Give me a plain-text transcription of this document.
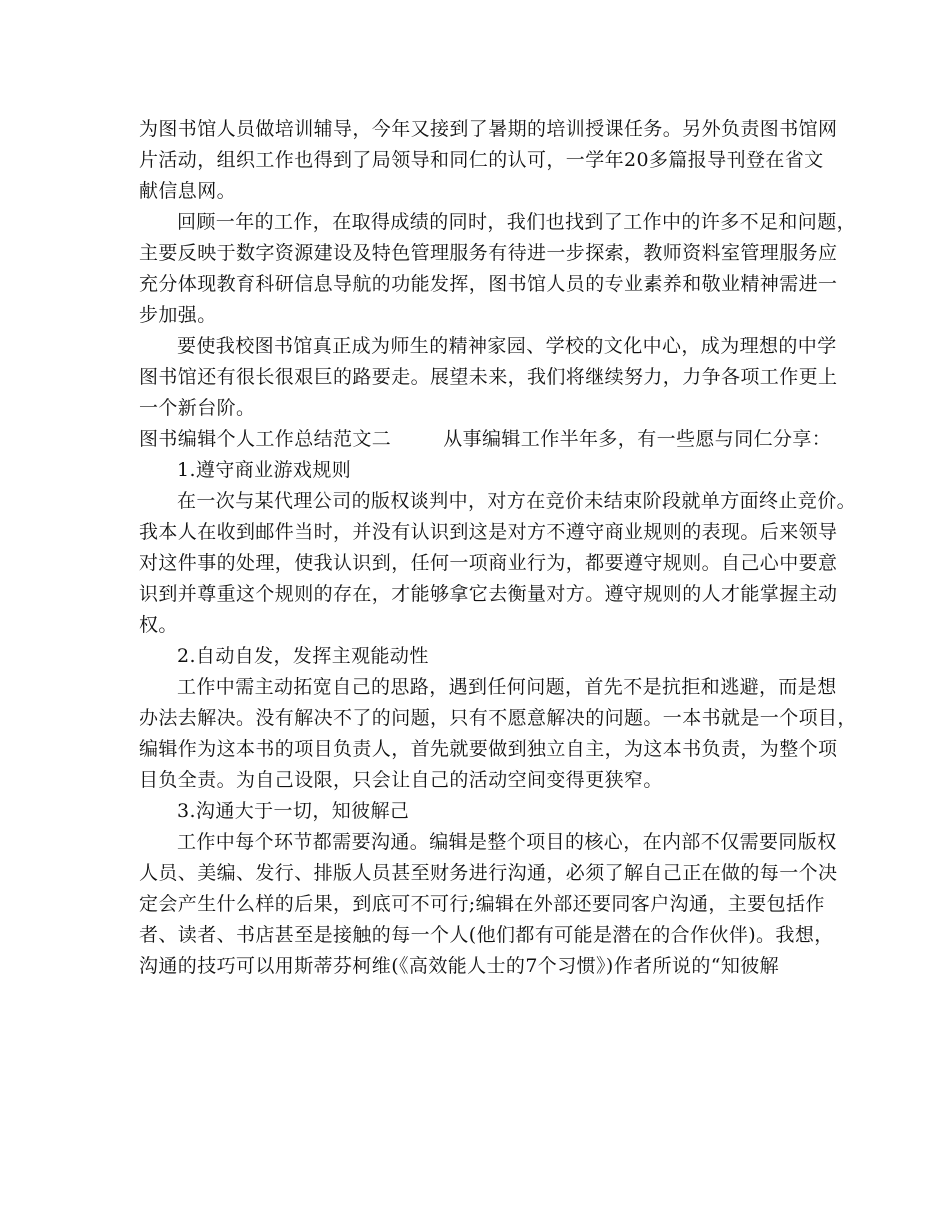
为图书馆人员做培训辅导，今年又接到了暑期的培训授课任务。另外负责图书馆网
片活动，组织工作也得到了局领导和同仁的认可，一学年20多篇报导刊登在省文
献信息网。
回顾一年的工作，在取得成绩的同时，我们也找到了工作中的许多不足和问题，
主要反映于数字资源建设及特色管理服务有待进一步探索，教师资料室管理服务应
充分体现教育科研信息导航的功能发挥，图书馆人员的专业素养和敬业精神需进一
步加强。
要使我校图书馆真正成为师生的精神家园、学校的文化中心，成为理想的中学
图书馆还有很长很艰巨的路要走。展望未来，我们将继续努力，力争各项工作更上
一个新台阶。
图书编辑个人工作总结范文二	从事编辑工作半年多，有一些愿与同仁分享：
1.遵守商业游戏规则
在一次与某代理公司的版权谈判中，对方在竞价未结束阶段就单方面终止竞价。
我本人在收到邮件当时，并没有认识到这是对方不遵守商业规则的表现。后来领导
对这件事的处理，使我认识到，任何一项商业行为，都要遵守规则。自己心中要意
识到并尊重这个规则的存在，才能够拿它去衡量对方。遵守规则的人才能掌握主动
权。
2.自动自发，发挥主观能动性
工作中需主动拓宽自己的思路，遇到任何问题，首先不是抗拒和逃避，而是想
办法去解决。没有解决不了的问题，只有不愿意解决的问题。一本书就是一个项目，
编辑作为这本书的项目负责人，首先就要做到独立自主，为这本书负责，为整个项
目负全责。为自己设限，只会让自己的活动空间变得更狭窄。
3.沟通大于一切，知彼解己
工作中每个环节都需要沟通。编辑是整个项目的核心，在内部不仅需要同版权
人员、美编、发行、排版人员甚至财务进行沟通，必须了解自己正在做的每一个决
定会产生什么样的后果，到底可不可行;编辑在外部还要同客户沟通，主要包括作
者、读者、书店甚至是接触的每一个人(他们都有可能是潜在的合作伙伴)。我想，
沟通的技巧可以用斯蒂芬柯维(《高效能人士的7个习惯》)作者所说的“知彼解
